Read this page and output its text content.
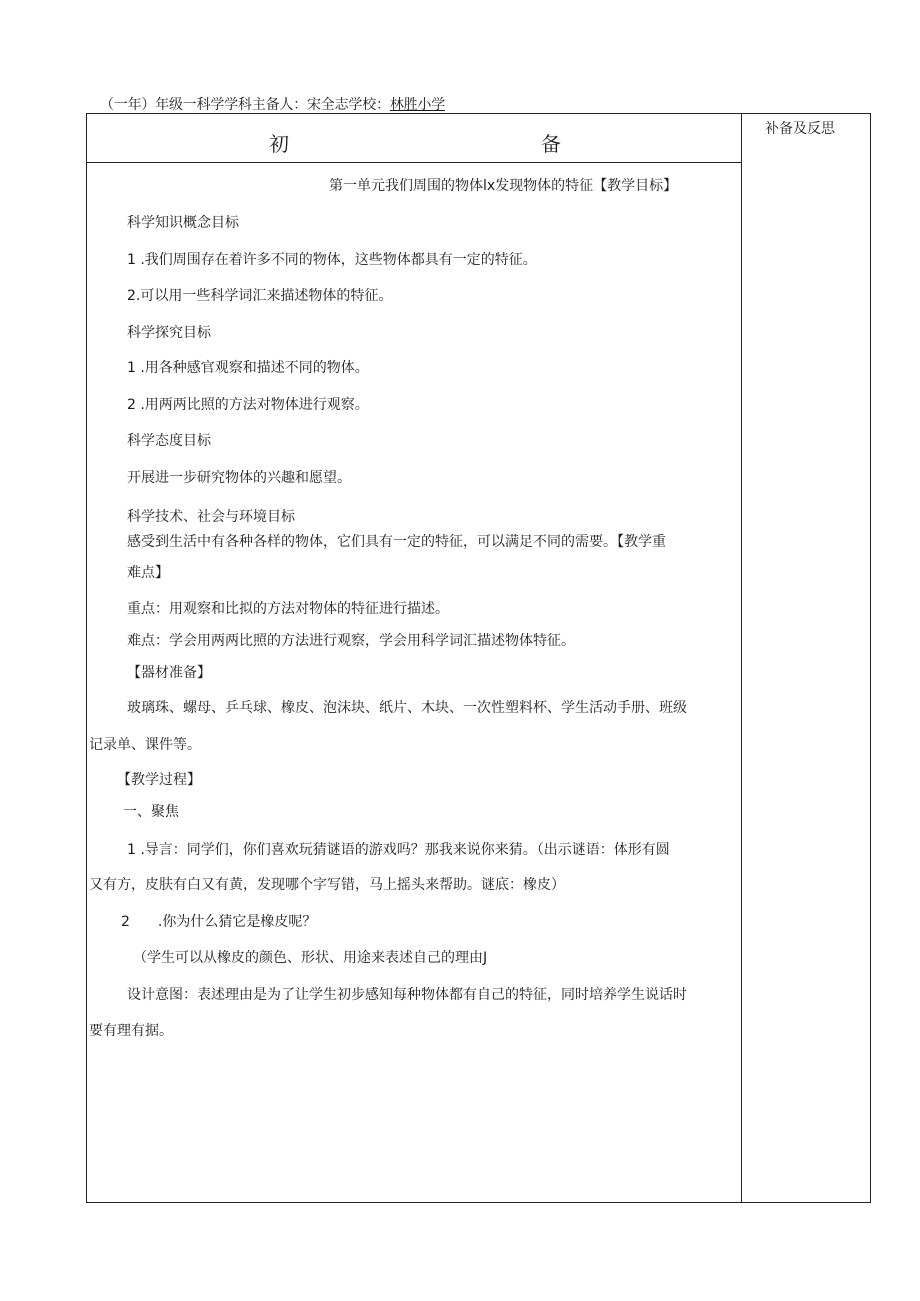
（一年）年级一科学学科主备人：宋全志学校：林胜小学
初	备
补备及反思
第一单元我们周围的物体lx发现物体的特征【教学目标】
科学知识概念目标
1 .我们周围存在着许多不同的物体，这些物体都具有一定的特征。
2.可以用一些科学词汇来描述物体的特征。
科学探究目标
1 .用各种感官观察和描述不同的物体。
2 .用两两比照的方法对物体进行观察。
科学态度目标
开展进一步研究物体的兴趣和愿望。
科学技术、社会与环境目标
感受到生活中有各种各样的物体，它们具有一定的特征，可以满足不同的需要。【教学重
难点】
重点：用观察和比拟的方法对物体的特征进行描述。
难点：学会用两两比照的方法进行观察，学会用科学词汇描述物体特征。
【器材准备】
玻璃珠、螺母、乒乓球、橡皮、泡沫块、纸片、木块、一次性塑料杯、学生活动手册、班级
记录单、课件等。
【教学过程】
一、聚焦
1 .导言：同学们，你们喜欢玩猜谜语的游戏吗？那我来说你来猜。（出示谜语：体形有圆
又有方，皮肤有白又有黄，发现哪个字写错，马上摇头来帮助。谜底：橡皮）
2　　.你为什么猜它是橡皮呢？
（学生可以从橡皮的颜色、形状、用途来表述自己的理由J
设计意图：表述理由是为了让学生初步感知每种物体都有自己的特征，同时培养学生说话时
要有理有据。
